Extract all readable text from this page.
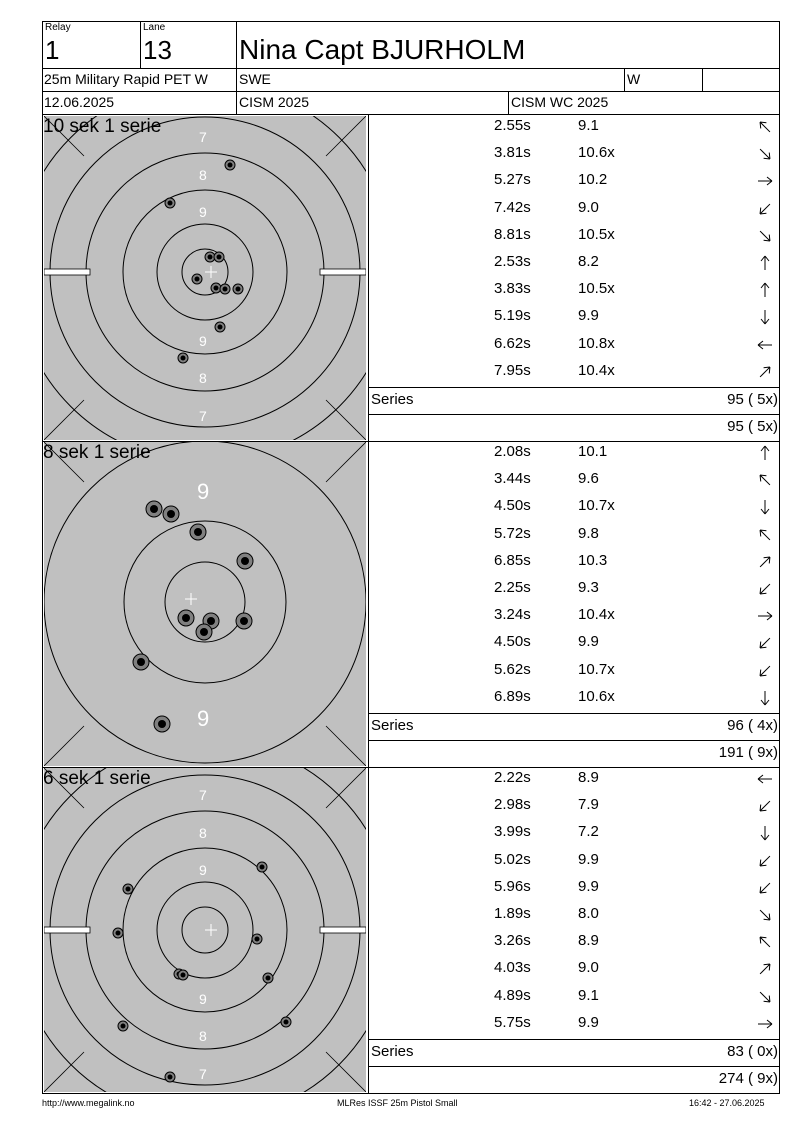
Relay
1
Lane
13 Nina Capt BJURHOLM
25m Military Rapid PET W SWE	W
12.06.2025	CISM 2025	CISM WC 2025
7
8
9
9
8
7
10 sek 1 serie	2.55s	9.1
3.81s	10.6x
5.27s	10.2
7.42s	9.0
8.81s	10.5x
2.53s	8.2
3.83s	10.5x
5.19s	9.9
6.62s	10.8x
7.95s	10.4x
Series	95 ( 5x)
95 ( 5x)
9
9
8 sek 1 serie	2.08s	10.1
3.44s	9.6
4.50s	10.7x
5.72s	9.8
6.85s	10.3
2.25s	9.3
3.24s	10.4x
4.50s	9.9
5.62s	10.7x
6.89s	10.6x
Series	96 ( 4x)
191 ( 9x)
7
8
9
9
8
7
6 sek 1 serie	2.22s	8.9
2.98s	7.9
3.99s	7.2
5.02s	9.9
5.96s	9.9
1.89s	8.0
3.26s	8.9
4.03s	9.0
4.89s	9.1
5.75s	9.9
Series	83 ( 0x)
274 ( 9x)
http://www.megalink.no	MLRes ISSF 25m Pistol Small	16:42 - 27.06.2025
